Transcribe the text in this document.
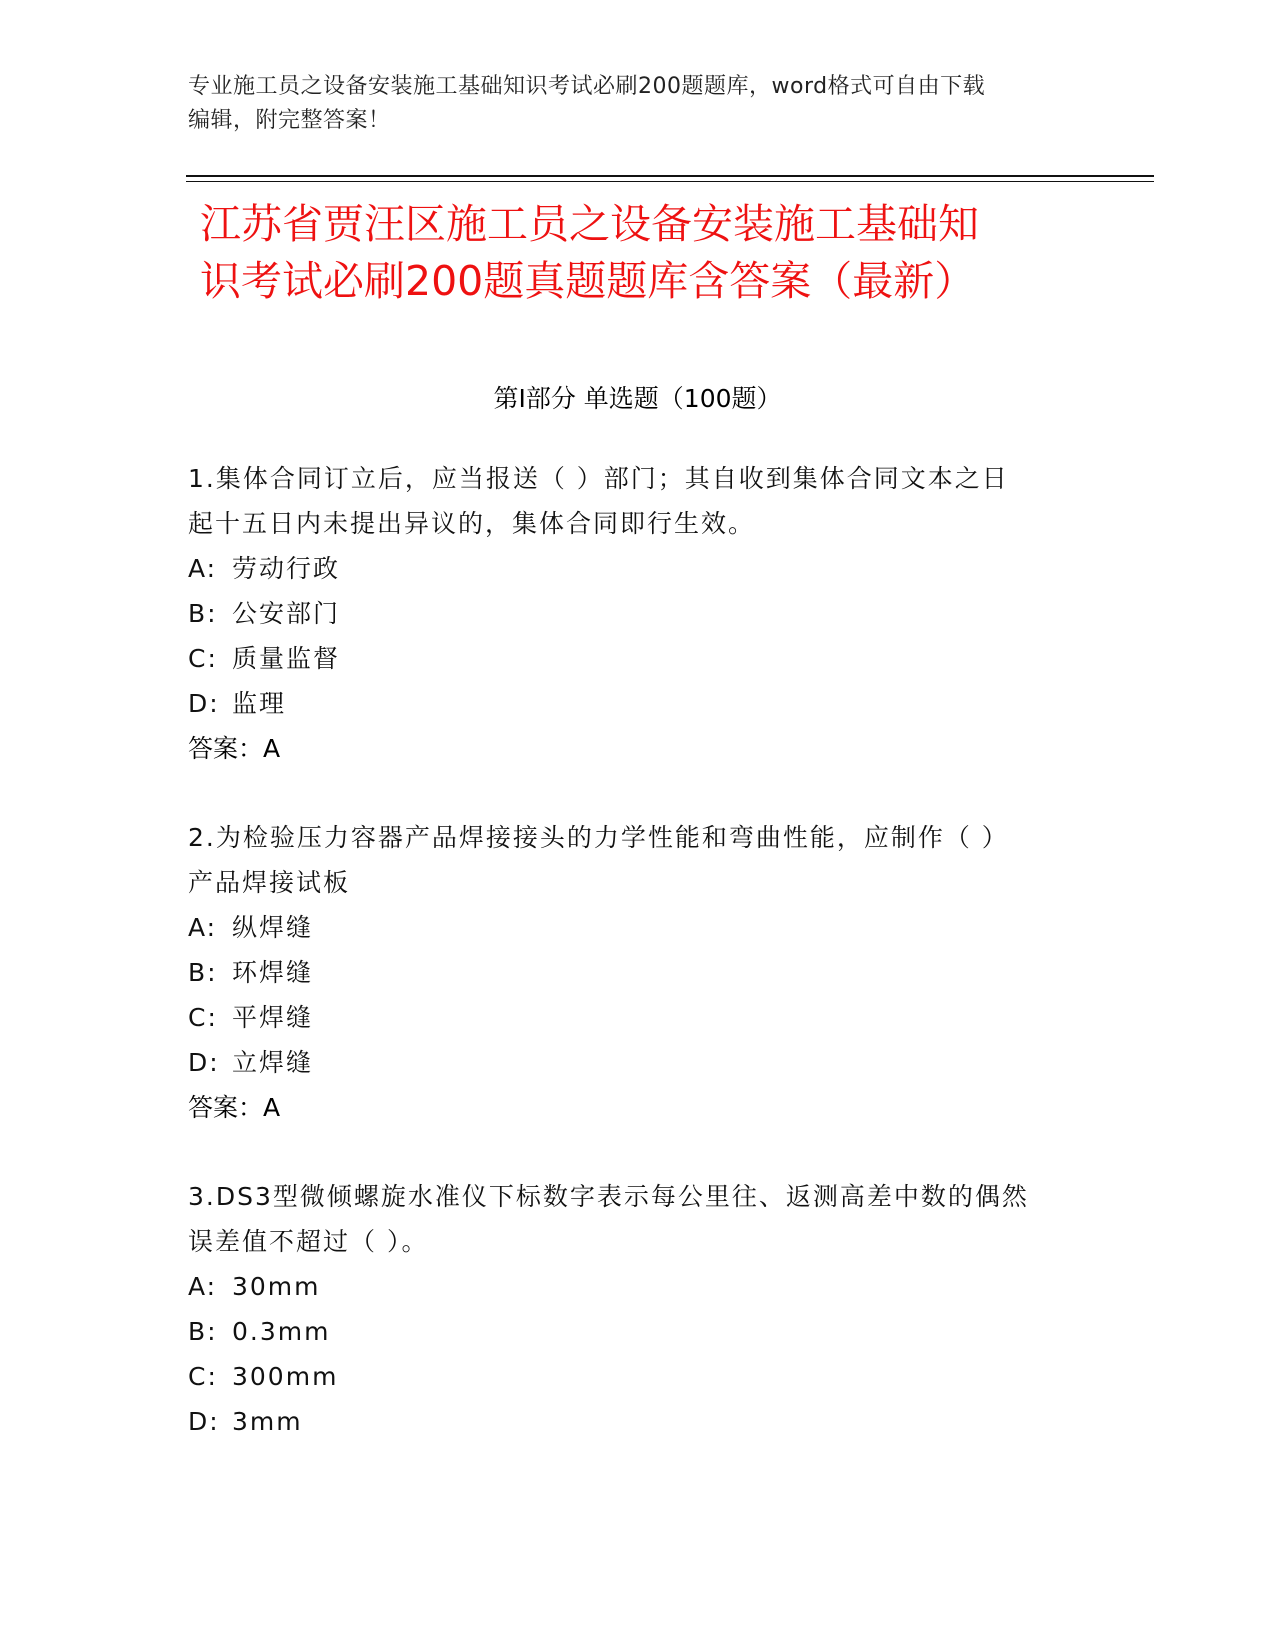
专业施工员之设备安装施工基础知识考试必刷200题题库，word格式可自由下载
编辑，附完整答案！
江苏省贾汪区施工员之设备安装施工基础知
识考试必刷200题真题题库含答案（最新）
第Ⅰ部分 单选题（100题）
1.集体合同订立后，应当报送（ ）部门；其自收到集体合同文本之日
起十五日内未提出异议的，集体合同即行生效。
A: 劳动行政
B: 公安部门
C: 质量监督
D: 监理
答案：A
2.为检验压力容器产品焊接接头的力学性能和弯曲性能，应制作（ ）
产品焊接试板
A: 纵焊缝
B: 环焊缝
C: 平焊缝
D: 立焊缝
答案：A
3.DS3型微倾螺旋水准仪下标数字表示每公里往、返测高差中数的偶然
误差值不超过（ ）。
A: 30mm
B: 0.3mm
C: 300mm
D: 3mm
